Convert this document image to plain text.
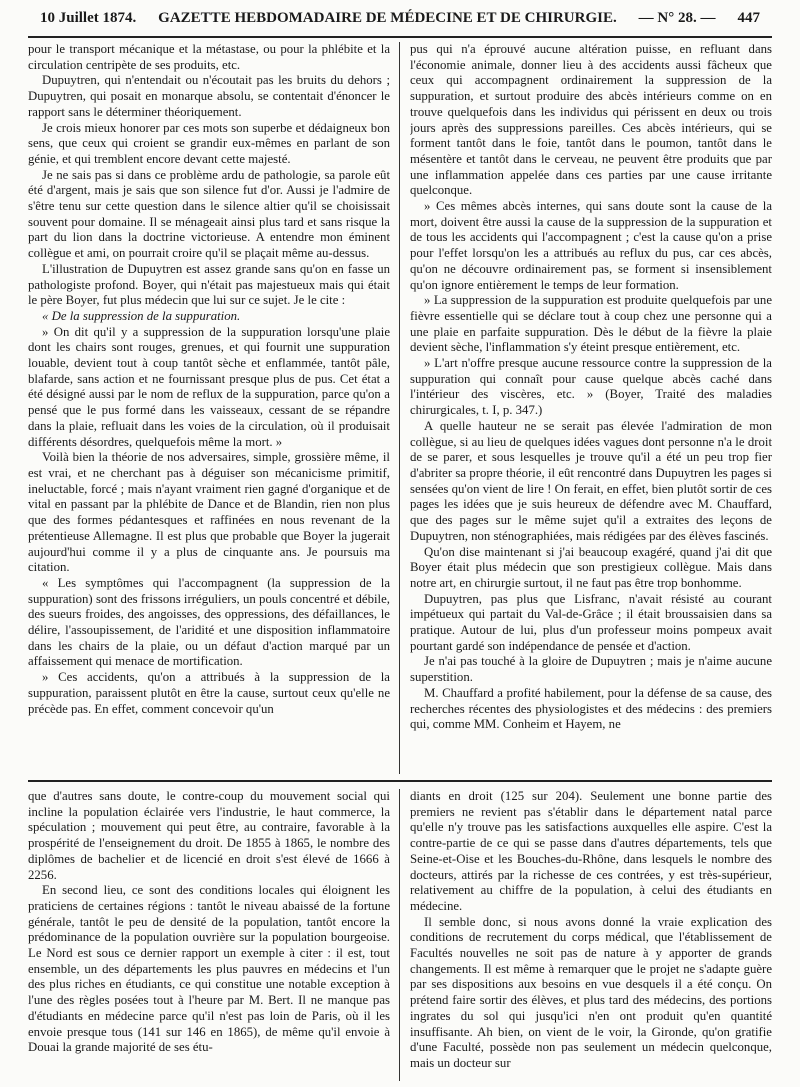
10 Juillet 1874. GAZETTE HEBDOMADAIRE DE MÉDECINE ET DE CHIRURGIE. — N° 28. — 447

pour le transport mécanique et la métastase, ou pour la phlébite et la circulation centripète de ses produits, etc.

Dupuytren, qui n'entendait ou n'écoutait pas les bruits du dehors ; Dupuytren, qui posait en monarque absolu, se contentait d'énoncer le rapport sans le déterminer théoriquement.

Je crois mieux honorer par ces mots son superbe et dédaigneux bon sens, que ceux qui croient se grandir eux-mêmes en parlant de son génie, et qui tremblent encore devant cette majesté.

Je ne sais pas si dans ce problème ardu de pathologie, sa parole eût été d'argent, mais je sais que son silence fut d'or. Aussi je l'admire de s'être tenu sur cette question dans le silence altier qu'il se choisissait souvent pour domaine. Il se ménageait ainsi plus tard et sans risque la part du lion dans la doctrine victorieuse. A entendre mon éminent collègue et ami, on pourrait croire qu'il se plaçait même au-dessus.

L'illustration de Dupuytren est assez grande sans qu'on en fasse un pathologiste profond. Boyer, qui n'était pas majestueux mais qui était le père Boyer, fut plus médecin que lui sur ce sujet. Je le cite :

« De la suppression de la suppuration.

» On dit qu'il y a suppression de la suppuration lorsqu'une plaie dont les chairs sont rouges, grenues, et qui fournit une suppuration louable, devient tout à coup tantôt sèche et enflammée, tantôt pâle, blafarde, sans action et ne fournissant presque plus de pus. Cet état a été désigné aussi par le nom de reflux de la suppuration, parce qu'on a pensé que le pus formé dans les vaisseaux, cessant de se répandre dans la plaie, refluait dans les voies de la circulation, où il produisait différents désordres, quelquefois même la mort. »

Voilà bien la théorie de nos adversaires, simple, grossière même, il est vrai, et ne cherchant pas à déguiser son mécanicisme primitif, ineluctable, forcé ; mais n'ayant vraiment rien gagné d'organique et de vital en passant par la phlébite de Dance et de Blandin, rien non plus que des formes pédantesques et raffinées en nous revenant de la prétentieuse Allemagne. Il est plus que probable que Boyer la jugerait aujourd'hui comme il y a plus de cinquante ans. Je poursuis ma citation.

« Les symptômes qui l'accompagnent (la suppression de la suppuration) sont des frissons irréguliers, un pouls concentré et débile, des sueurs froides, des angoisses, des oppressions, des défaillances, le délire, l'assoupissement, de l'aridité et une disposition inflammatoire dans les chairs de la plaie, ou un défaut d'action marqué par un affaissement qui menace de mortification.

» Ces accidents, qu'on a attribués à la suppression de la suppuration, paraissent plutôt en être la cause, surtout ceux qu'elle ne précède pas. En effet, comment concevoir qu'un

pus qui n'a éprouvé aucune altération puisse, en refluant dans l'économie animale, donner lieu à des accidents aussi fâcheux que ceux qui accompagnent ordinairement la suppression de la suppuration, et surtout produire des abcès intérieurs comme on en trouve quelquefois dans les individus qui périssent en deux ou trois jours après des suppressions pareilles. Ces abcès intérieurs, qui se forment tantôt dans le foie, tantôt dans le poumon, tantôt dans le mésentère et tantôt dans le cerveau, ne peuvent être produits que par une inflammation appelée dans ces parties par une cause irritante quelconque.

» Ces mêmes abcès internes, qui sans doute sont la cause de la mort, doivent être aussi la cause de la suppression de la suppuration et de tous les accidents qui l'accompagnent ; c'est la cause qu'on a prise pour l'effet lorsqu'on les a attribués au reflux du pus, car ces abcès, qu'on ne découvre ordinairement pas, se forment si insensiblement qu'on ignore entièrement le temps de leur formation.

» La suppression de la suppuration est produite quelquefois par une fièvre essentielle qui se déclare tout à coup chez une personne qui a une plaie en parfaite suppuration. Dès le début de la fièvre la plaie devient sèche, l'inflammation s'y éteint presque entièrement, etc.

» L'art n'offre presque aucune ressource contre la suppression de la suppuration qui connaît pour cause quelque abcès caché dans l'intérieur des viscères, etc. » (Boyer, Traité des maladies chirurgicales, t. I, p. 347.)

A quelle hauteur ne se serait pas élevée l'admiration de mon collègue, si au lieu de quelques idées vagues dont personne n'a le droit de se parer, et sous lesquelles je trouve qu'il a été un peu trop fier d'abriter sa propre théorie, il eût rencontré dans Dupuytren les pages si sensées qu'on vient de lire ! On ferait, en effet, bien plutôt sortir de ces pages les idées que je suis heureux de défendre avec M. Chauffard, que des pages sur le même sujet qu'il a extraites des leçons de Dupuytren, non sténographiées, mais rédigées par des élèves fascinés.

Qu'on dise maintenant si j'ai beaucoup exagéré, quand j'ai dit que Boyer était plus médecin que son prestigieux collègue. Mais dans notre art, en chirurgie surtout, il ne faut pas être trop bonhomme.

Dupuytren, pas plus que Lisfranc, n'avait résisté au courant impétueux qui partait du Val-de-Grâce ; il était broussaisien dans sa pratique. Autour de lui, plus d'un professeur moins pompeux avait pourtant gardé son indépendance de pensée et d'action.

Je n'ai pas touché à la gloire de Dupuytren ; mais je n'aime aucune superstition.

M. Chauffard a profité habilement, pour la défense de sa cause, des recherches récentes des physiologistes et des médecins : des premiers qui, comme MM. Conheim et Hayem, ne

que d'autres sans doute, le contre-coup du mouvement social qui incline la population éclairée vers l'industrie, le haut commerce, la spéculation ; mouvement qui peut être, au contraire, favorable à la prospérité de l'enseignement du droit. De 1855 à 1865, le nombre des diplômes de bachelier et de licencié en droit s'est élevé de 1666 à 2256.

En second lieu, ce sont des conditions locales qui éloignent les praticiens de certaines régions : tantôt le niveau abaissé de la fortune générale, tantôt le peu de densité de la population, tantôt encore la prédominance de la population ouvrière sur la population bourgeoise. Le Nord est sous ce dernier rapport un exemple à citer : il est, tout ensemble, un des départements les plus pauvres en médecins et l'un des plus riches en étudiants, ce qui constitue une notable exception à l'une des règles posées tout à l'heure par M. Bert. Il ne manque pas d'étudiants en médecine parce qu'il n'est pas loin de Paris, où il les envoie presque tous (141 sur 146 en 1865), de même qu'il envoie à Douai la grande majorité de ses étu-

diants en droit (125 sur 204). Seulement une bonne partie des premiers ne revient pas s'établir dans le département natal parce qu'elle n'y trouve pas les satisfactions auxquelles elle aspire. C'est la contre-partie de ce qui se passe dans d'autres départements, tels que Seine-et-Oise et les Bouches-du-Rhône, dans lesquels le nombre des docteurs, attirés par la richesse de ces contrées, y est très-supérieur, relativement au chiffre de la population, à celui des étudiants en médecine.

Il semble donc, si nous avons donné la vraie explication des conditions de recrutement du corps médical, que l'établissement de Facultés nouvelles ne soit pas de nature à y apporter de grands changements. Il est même à remarquer que le projet ne s'adapte guère par ses dispositions aux besoins en vue desquels il a été conçu. On prétend faire sortir des élèves, et plus tard des médecins, des portions ingrates du sol qui jusqu'ici n'en ont produit qu'en quantité insuffisante. Ah bien, on vient de le voir, la Gironde, qu'on gratifie d'une Faculté, possède non pas seulement un médecin quelconque, mais un docteur sur
